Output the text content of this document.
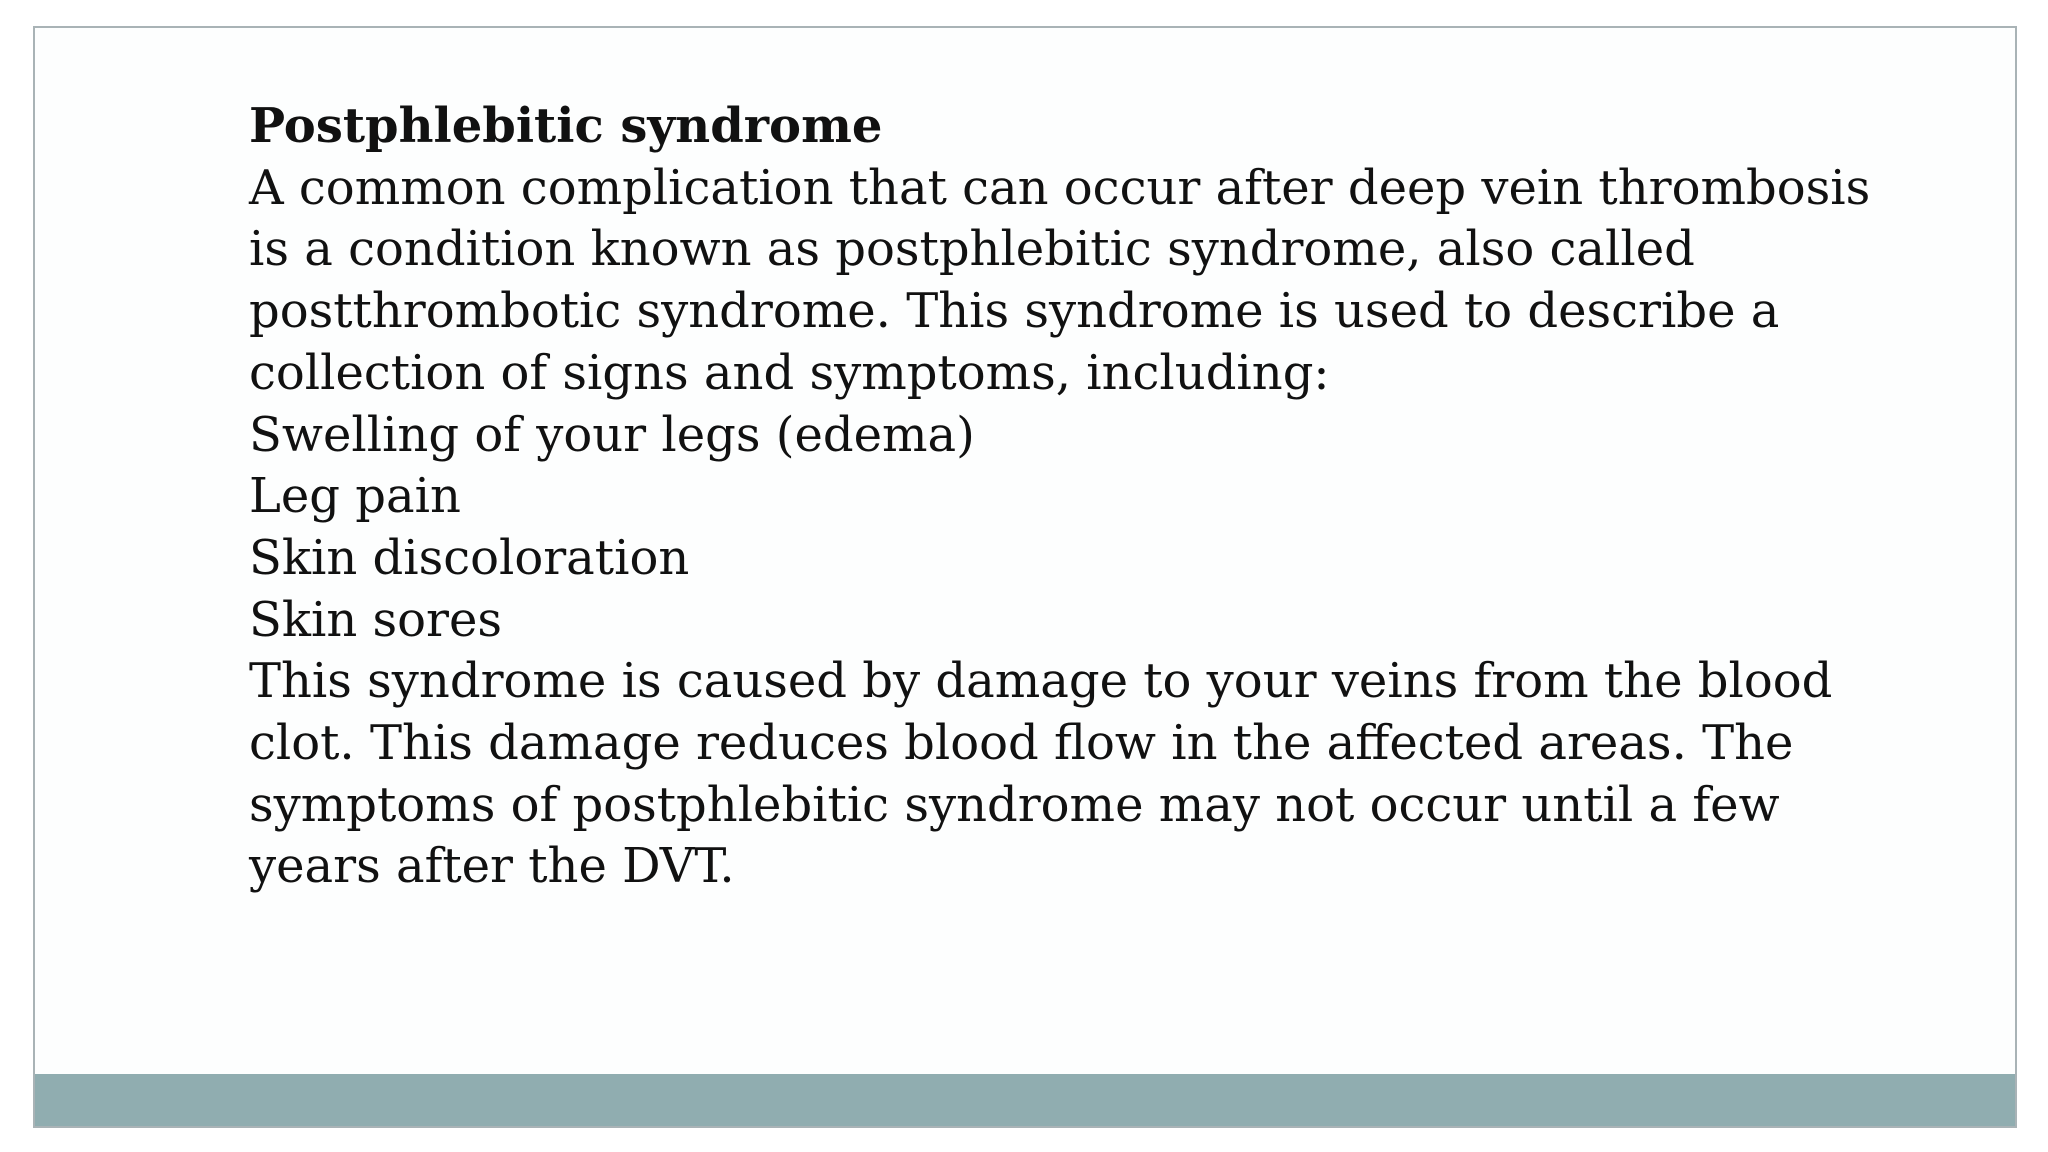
Postphlebitic syndrome
A common complication that can occur after deep vein thrombosis
is a condition known as postphlebitic syndrome, also called
postthrombotic syndrome. This syndrome is used to describe a
collection of signs and symptoms, including:
Swelling of your legs (edema)
Leg pain
Skin discoloration
Skin sores
This syndrome is caused by damage to your veins from the blood
clot. This damage reduces blood flow in the affected areas. The
symptoms of postphlebitic syndrome may not occur until a few
years after the DVT.
